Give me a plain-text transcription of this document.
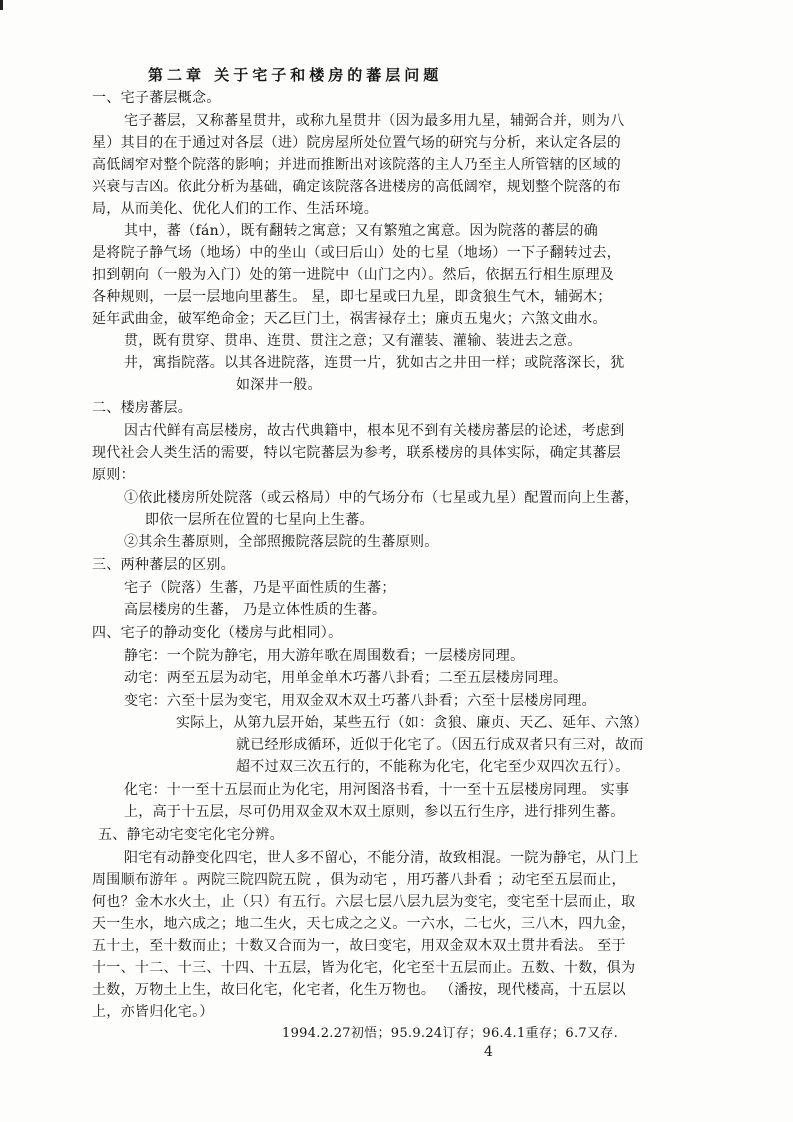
第二章 关于宅子和楼房的蕃层问题
一、宅子蕃层概念。
宅子蕃层，又称蕃星贯井，或称九星贯井（因为最多用九星，辅弼合并，则为八
星）其目的在于通过对各层（进）院房屋所处位置气场的研究与分析，来认定各层的
高低阔窄对整个院落的影响；并进而推断出对该院落的主人乃至主人所管辖的区域的
兴衰与吉凶。依此分析为基础，确定该院落各进楼房的高低阔窄，规划整个院落的布
局，从而美化、优化人们的工作、生活环境。
其中，蕃（fán），既有翻转之寓意；又有繁殖之寓意。因为院落的蕃层的确
是将院子静气场（地场）中的坐山（或曰后山）处的七星（地场）一下子翻转过去，
扣到朝向（一般为入门）处的第一进院中（山门之内）。然后，依据五行相生原理及
各种规则，一层一层地向里蕃生。 星，即七星或曰九星，即贪狼生气木，辅弼木；
延年武曲金，破军绝命金；天乙巨门土，祸害禄存土；廉贞五鬼火；六煞文曲水。
贯，既有贯穿、贯串、连贯、贯注之意；又有灌装、灌输、装进去之意。
井，寓指院落。以其各进院落，连贯一片，犹如古之井田一样；或院落深长，犹
如深井一般。
二、楼房蕃层。
因古代鲜有高层楼房，故古代典籍中，根本见不到有关楼房蕃层的论述，考虑到
现代社会人类生活的需要，特以宅院蕃层为参考，联系楼房的具体实际，确定其蕃层
原则：
①依此楼房所处院落（或云格局）中的气场分布（七星或九星）配置而向上生蕃，
即依一层所在位置的七星向上生蕃。
②其余生蕃原则，全部照搬院落层院的生蕃原则。
三、两种蕃层的区别。
宅子（院落）生蕃，乃是平面性质的生蕃；
高层楼房的生蕃， 乃是立体性质的生蕃。
四、宅子的静动变化（楼房与此相同）。
静宅：一个院为静宅，用大游年歌在周围数看；一层楼房同理。
动宅：两至五层为动宅，用单金单木巧蕃八卦看；二至五层楼房同理。
变宅：六至十层为变宅，用双金双木双土巧蕃八卦看；六至十层楼房同理。
实际上，从第九层开始，某些五行（如：贪狼、廉贞、天乙、延年、六煞）
就已经形成循环，近似于化宅了。（因五行成双者只有三对，故而
超不过双三次五行的，不能称为化宅，化宅至少双四次五行）。
化宅：十一至十五层而止为化宅，用河图洛书看，十一至十五层楼房同理。 实事
上，高于十五层，尽可仍用双金双木双土原则，参以五行生序，进行排列生蕃。
五、静宅动宅变宅化宅分辨。
阳宅有动静变化四宅，世人多不留心，不能分清，故致相混。一院为静宅，从门上
周围顺布游年 。两院三院四院五院 ，俱为动宅 ，用巧蕃八卦看 ；动宅至五层而止，
何也？金木水火土，止（只）有五行。六层七层八层九层为变宅，变宅至十层而止，取
天一生水，地六成之；地二生火，天七成之之义。一六水，二七火，三八木，四九金，
五十土，至十数而止；十数又合而为一，故曰变宅，用双金双木双土贯井看法。 至于
十一、十二、十三、十四、十五层，皆为化宅，化宅至十五层而止。五数、十数，俱为
土数，万物土上生，故曰化宅，化宅者，化生万物也。 （潘按，现代楼高，十五层以
上，亦皆归化宅。）
1994.2.27初悟；95.9.24订存；96.4.1重存；6.7又存.
4
